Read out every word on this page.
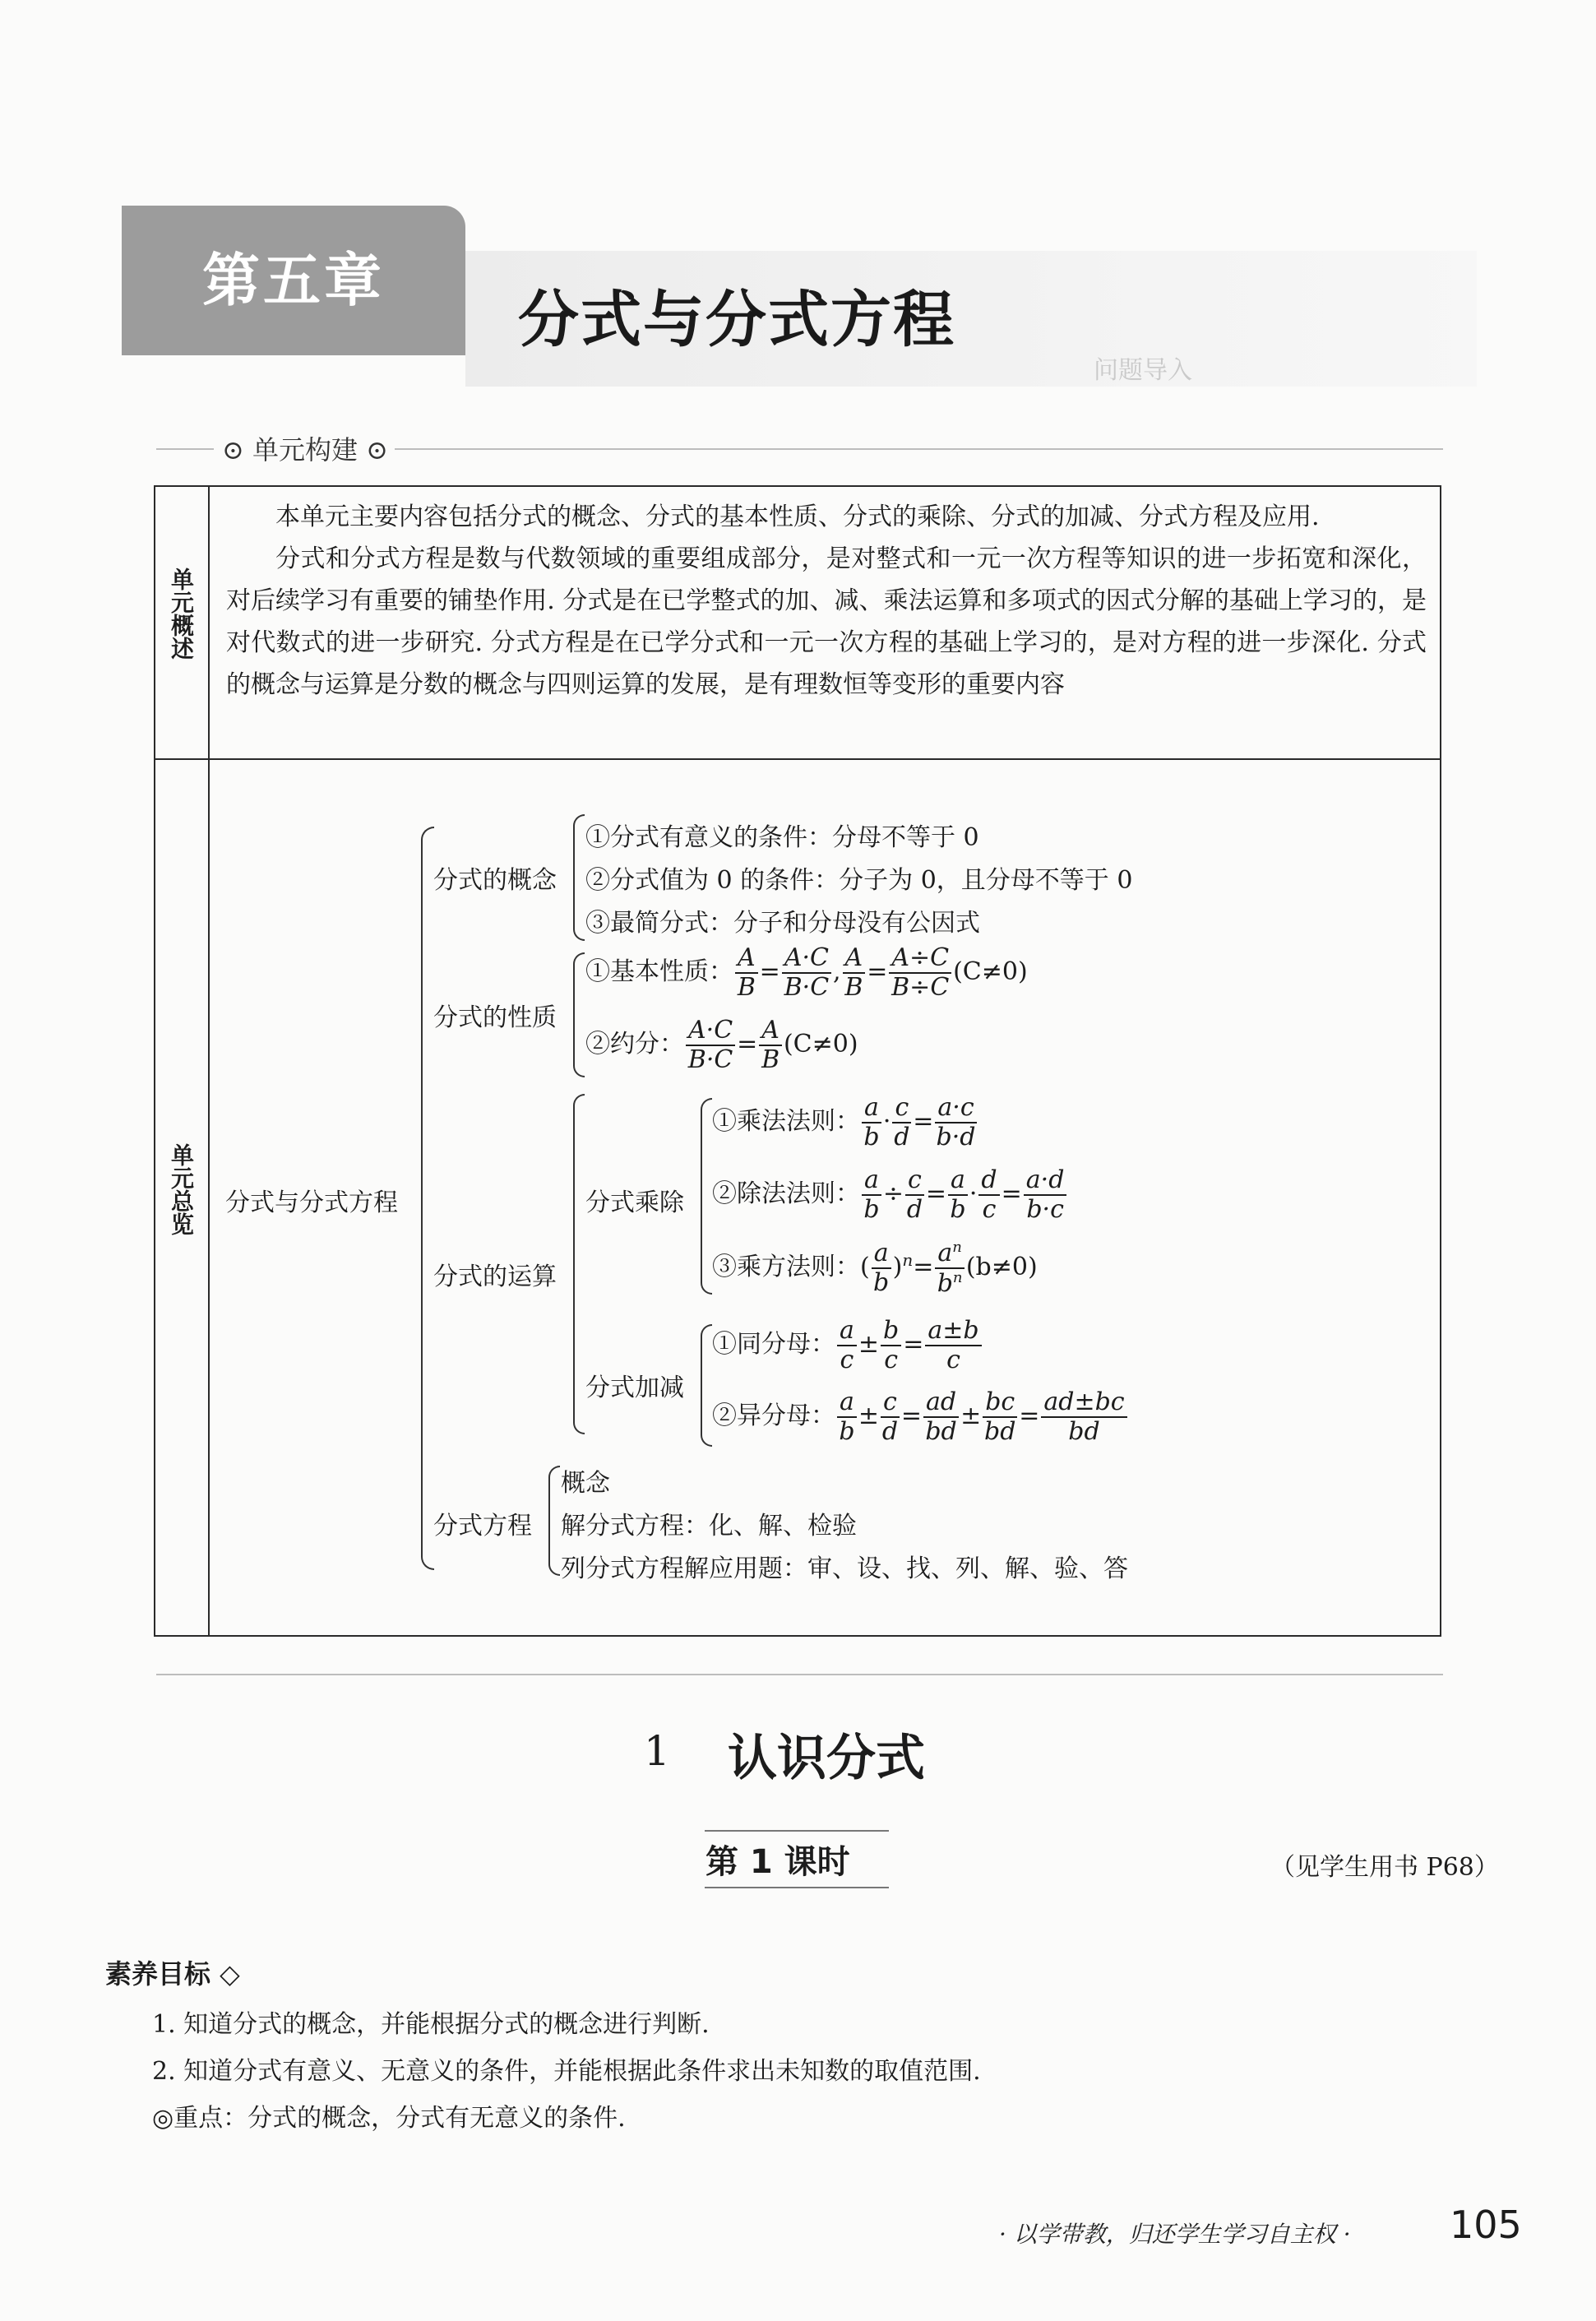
问题导入
第五章
分式与分式方程
⊙ 单元构建 ⊙
单元概述
本单元主要内容包括分式的概念、分式的基本性质、分式的乘除、分式的加减、分式方程及应用.
分式和分式方程是数与代数领域的重要组成部分，是对整式和一元一次方程等知识的进一步拓宽和深化，对后续学习有重要的铺垫作用. 分式是在已学整式的加、减、乘法运算和多项式的因式分解的基础上学习的，是对代数式的进一步研究. 分式方程是在已学分式和一元一次方程的基础上学习的，是对方程的进一步深化. 分式的概念与运算是分数的概念与四则运算的发展，是有理数恒等变形的重要内容
单元总览 分式与分式方程
分式的概念
①分式有意义的条件：分母不等于 0
②分式值为 0 的条件：分子为 0，且分母不等于 0
③最简分式：分子和分母没有公因式
分式的性质
①基本性质： $\frac{A}{B} = \frac{A\cdot C}{B\cdot C}$ , $\frac{A}{B} = \frac{A\div C}{B\div C} (C\ne 0)$
②约分： $\frac{A\cdot C}{B\cdot C} = \frac{A}{B} (C\ne 0)$
分式的运算
分式乘除
①乘法法则： $\frac{a}{b} \cdot \frac{c}{d} = \frac{a\cdot c}{b\cdot d}$
②除法法则： $\frac{a}{b} \div \frac{c}{d} = \frac{a}{b} \cdot \frac{d}{c} = \frac{a\cdot d}{b\cdot c}$
③乘方法则：( $\frac{a}{b} )^n= \frac{a^n}{b^n} (b\ne 0)$
分式加减
①同分母： $\frac{a}{c} \pm \frac{b}{c} = \frac{a\pm b}{c}$
②异分母： $\frac{a}{b} \pm \frac{c}{d} = \frac{ad}{bd} \pm \frac{bc}{bd} = \frac{ad\pm bc}{bd}$
分式方程
概念
解分式方程：化、解、检验
列分式方程解应用题：审、设、找、列、解、验、答
1 认识分式
第 1 课时	（见学生用书 P68）
素养目标 ◇
1. 知道分式的概念，并能根据分式的概念进行判断.
2. 知道分式有意义、无意义的条件，并能根据此条件求出未知数的取值范围.
◎重点：分式的概念，分式有无意义的条件.
· 以学带教，归还学生学习自主权 ·	105
